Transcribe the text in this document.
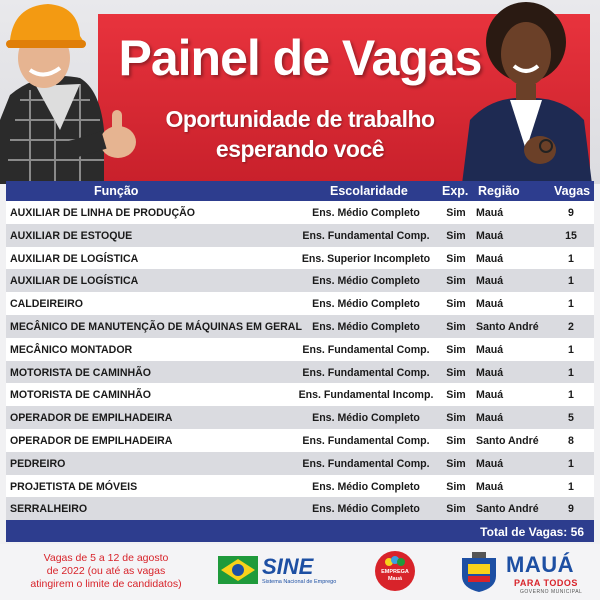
Painel de Vagas
Oportunidade de trabalho
esperando você
Função	Escolaridade	Exp. Região	Vagas
AUXILIAR DE LINHA DE PRODUÇÃO	Ens. Médio Completo	Sim Mauá	9
AUXILIAR DE ESTOQUE	Ens. Fundamental Comp.	Sim Mauá	15
AUXILIAR DE LOGÍSTICA	Ens. Superior Incompleto	Sim Mauá	1
AUXILIAR DE LOGÍSTICA	Ens. Médio Completo	Sim Mauá	1
CALDEIREIRO	Ens. Médio Completo	Sim Mauá	1
MECÂNICO DE MANUTENÇÃO DE MÁQUINAS EM GERAL Ens. Médio Completo	Sim Santo André	2
MECÂNICO MONTADOR	Ens. Fundamental Comp.	Sim Mauá	1
MOTORISTA DE CAMINHÃO	Ens. Fundamental Comp.	Sim Mauá	1
MOTORISTA DE CAMINHÃO	Ens. Fundamental Incomp.	Sim Mauá	1
OPERADOR DE EMPILHADEIRA	Ens. Médio Completo	Sim Mauá	5
OPERADOR DE EMPILHADEIRA	Ens. Fundamental Comp.	Sim Santo André	8
PEDREIRO	Ens. Fundamental Comp.	Sim Mauá	1
PROJETISTA DE MÓVEIS	Ens. Médio Completo	Sim Mauá	1
SERRALHEIRO	Ens. Médio Completo	Sim Santo André	9
Total de Vagas: 56
Vagas de 5 a 12 de agosto
de 2022 (ou até as vagas
atingirem o limite de candidatos)
SINE
Sistema Nacional de Emprego
EMPREGA
Mauá
MAUÁ
PARA TODOS
GOVERNO MUNICIPAL
